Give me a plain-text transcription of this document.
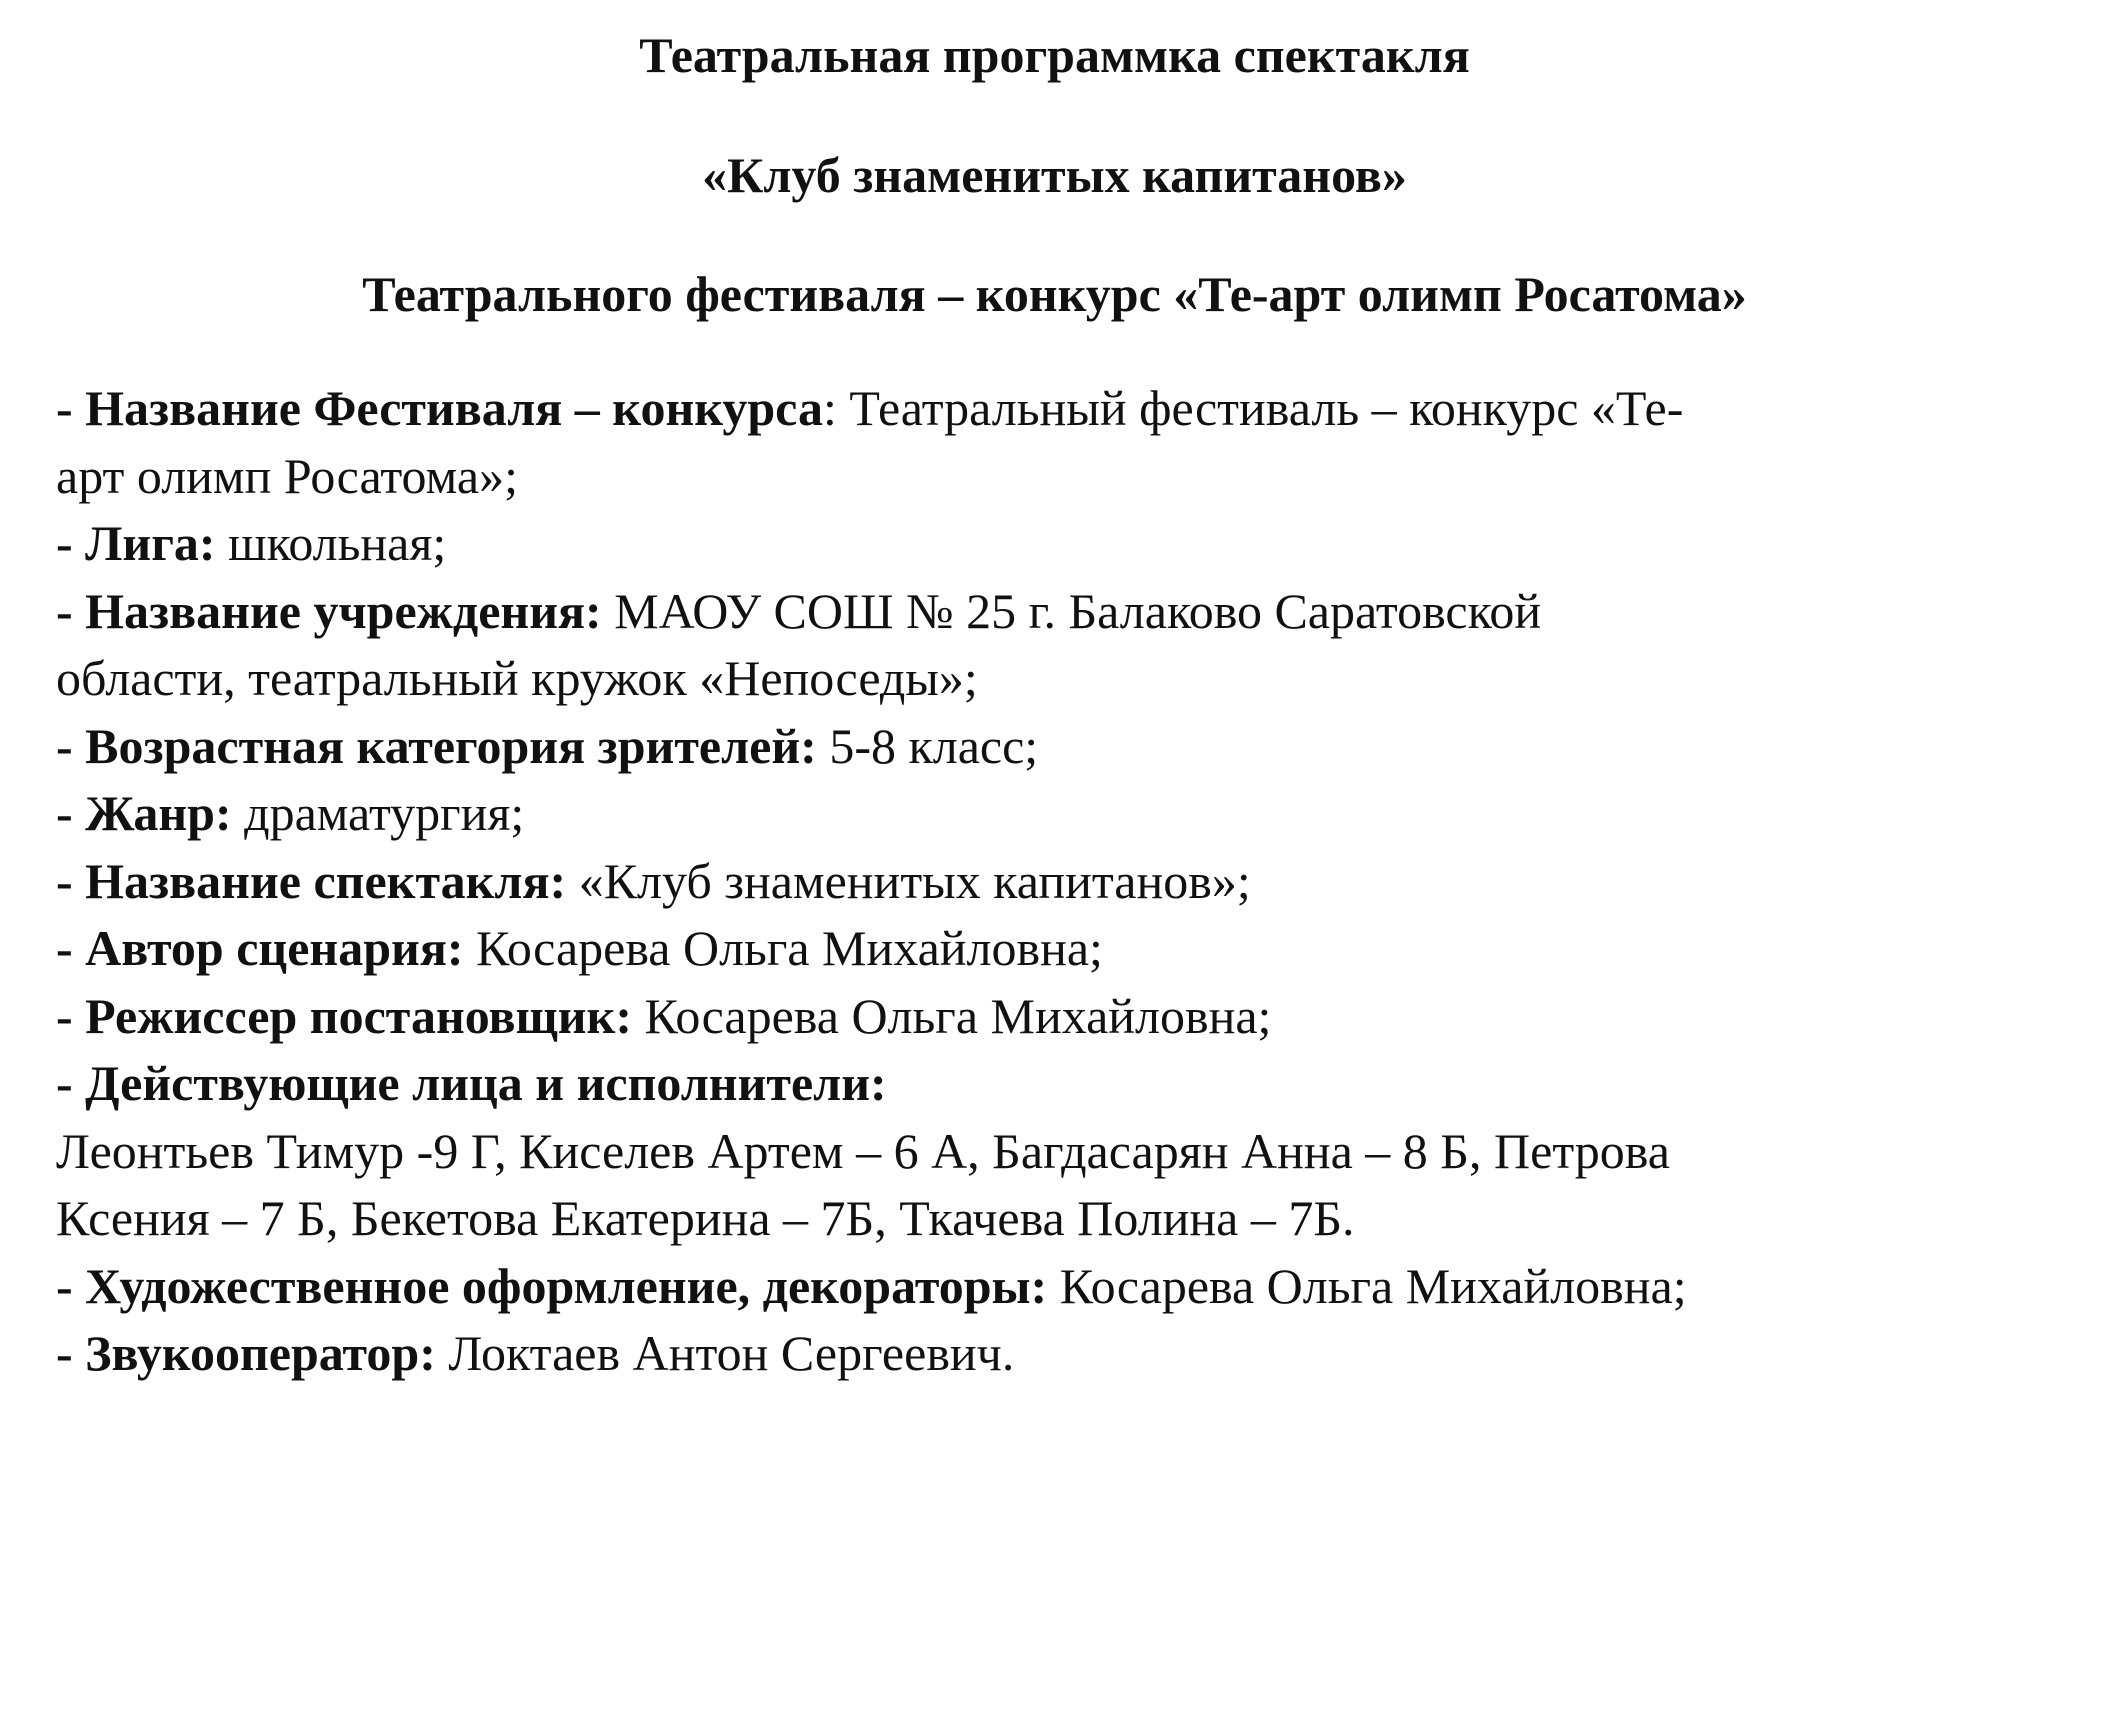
Театральная программка спектакля
«Клуб знаменитых капитанов»
Театрального фестиваля – конкурс «Те-арт олимп Росатома»
- Название Фестиваля – конкурса: Театральный фестиваль – конкурс «Те-
арт олимп Росатома»;
- Лига: школьная;
- Название учреждения: МАОУ СОШ № 25 г. Балаково Саратовской
области, театральный кружок «Непоседы»;
- Возрастная категория зрителей: 5-8 класс;
- Жанр: драматургия;
- Название спектакля: «Клуб знаменитых капитанов»;
- Автор сценария: Косарева Ольга Михайловна;
- Режиссер постановщик: Косарева Ольга Михайловна;
- Действующие лица и исполнители:
Леонтьев Тимур -9 Г, Киселев Артем – 6 А, Багдасарян Анна – 8 Б, Петрова
Ксения – 7 Б, Бекетова Екатерина – 7Б, Ткачева Полина – 7Б.
- Художественное оформление, декораторы: Косарева Ольга Михайловна;
- Звукооператор: Локтаев Антон Сергеевич.
